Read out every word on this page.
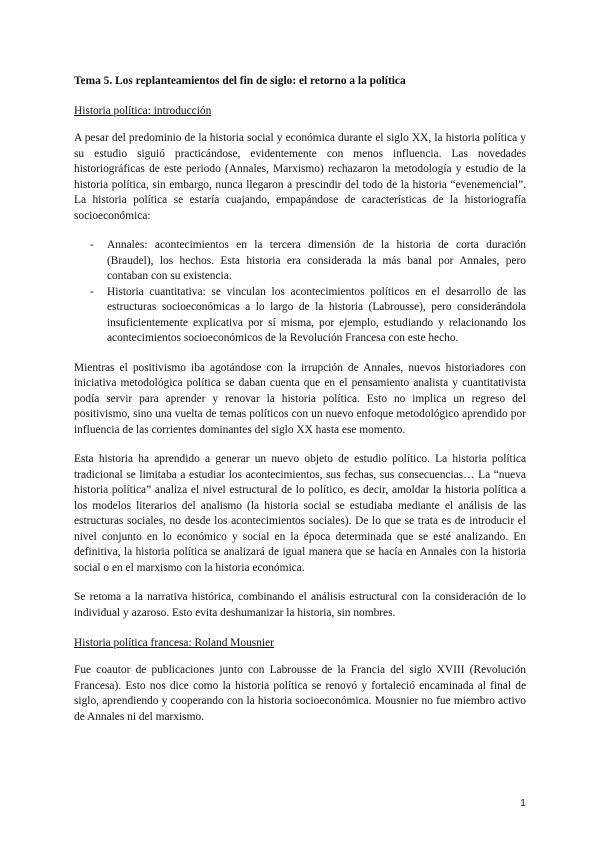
Tema 5. Los replanteamientos del fin de siglo: el retorno a la política
Historia política: introducción

A pesar del predominio de la historia social y económica durante el siglo XX, la historia política y su estudio siguió practicándose, evidentemente con menos influencia. Las novedades historiográficas de este periodo (Annales, Marxismo) rechazaron la metodología y estudio de la historia política, sin embargo, nunca llegaron a prescindir del todo de la historia “evenemencial”. La historia política se estaría cuajando, empapándose de características de la historiografía socioeconómica:

- Annales: acontecimientos en la tercera dimensión de la historia de corta duración (Braudel), los hechos. Esta historia era considerada la más banal por Annales, pero contaban con su existencia.
- Historia cuantitativa: se vinculan los acontecimientos políticos en el desarrollo de las estructuras socioeconómicas a lo largo de la historia (Labrousse), pero considerándola insuficientemente explicativa por sí misma, por ejemplo, estudiando y relacionando los acontecimientos socioeconómicos de la Revolución Francesa con este hecho.

Mientras el positivismo iba agotándose con la irrupción de Annales, nuevos historiadores con iniciativa metodológica política se daban cuenta que en el pensamiento analista y cuantitativista podía servir para aprender y renovar la historia política. Esto no implica un regreso del positivismo, sino una vuelta de temas políticos con un nuevo enfoque metodológico aprendido por influencia de las corrientes dominantes del siglo XX hasta ese momento.

Esta historia ha aprendido a generar un nuevo objeto de estudio político. La historia política tradicional se limitaba a estudiar los acontecimientos, sus fechas, sus consecuencias… La “nueva historia política” analiza el nivel estructural de lo político, es decir, amoldar la historia política a los modelos literarios del analismo (la historia social se estudiaba mediante el análisis de las estructuras sociales, no desde los acontecimientos sociales). De lo que se trata es de introducir el nivel conjunto en lo económico y social en la época determinada que se esté analizando. En definitiva, la historia política se analizará de igual manera que se hacía en Annales con la historia social o en el marxismo con la historia económica.

Se retoma a la narrativa histórica, combinando el análisis estructural con la consideración de lo individual y azaroso. Esto evita deshumanizar la historia, sin nombres.

Historia política francesa: Roland Mousnier

Fue coautor de publicaciones junto con Labrousse de la Francia del siglo XVIII (Revolución Francesa). Esto nos dice como la historia política se renovó y fortaleció encaminada al final de siglo, aprendiendo y cooperando con la historia socioeconómica. Mousnier no fue miembro activo de Annales ni del marxismo.

1
